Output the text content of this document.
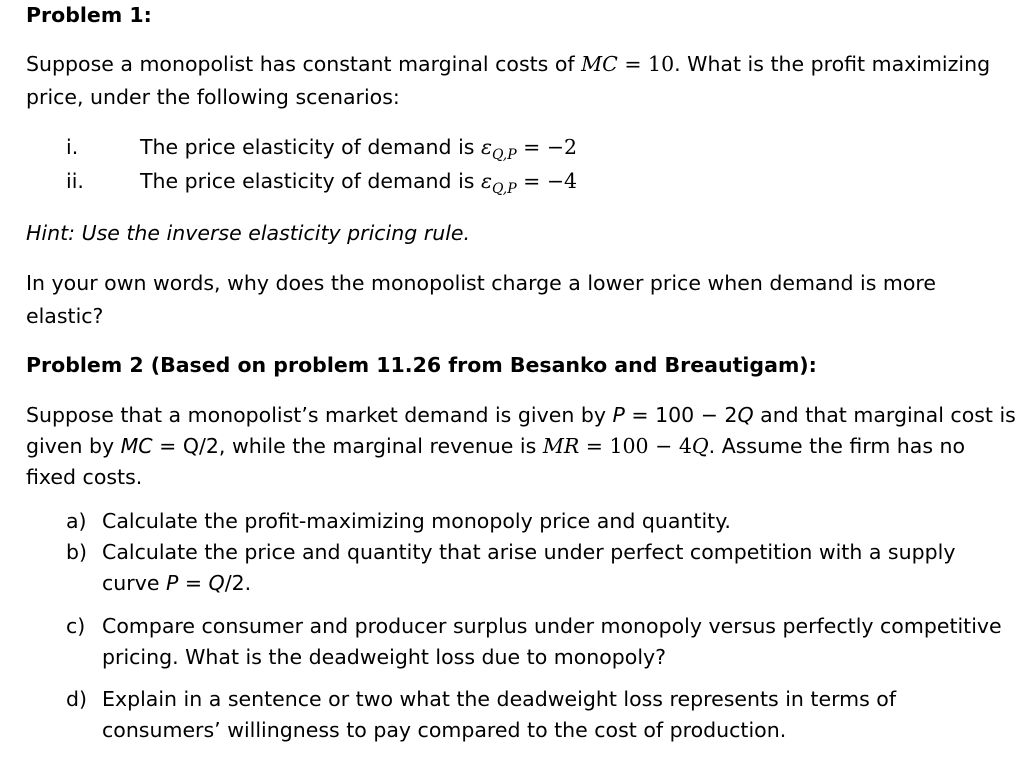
Problem 1:
Suppose a monopolist has constant marginal costs of MC = 10. What is the profit maximizing
price, under the following scenarios:
i.	The price elasticity of demand is $\varepsilon_{Q,P} = -2$
ii.	The price elasticity of demand is $\varepsilon_{Q,P} = -4$
Hint: Use the inverse elasticity pricing rule.
In your own words, why does the monopolist charge a lower price when demand is more
elastic?
Problem 2 (Based on problem 11.26 from Besanko and Breautigam):
Suppose that a monopolist’s market demand is given by P = 100 − 2Q and that marginal cost is
given by MC = Q/2, while the marginal revenue is MR = 100 − 4Q. Assume the firm has no
fixed costs.
a) Calculate the profit-maximizing monopoly price and quantity.
b) Calculate the price and quantity that arise under perfect competition with a supply
curve P = Q/2.
c) Compare consumer and producer surplus under monopoly versus perfectly competitive
pricing. What is the deadweight loss due to monopoly?
d) Explain in a sentence or two what the deadweight loss represents in terms of
consumers’ willingness to pay compared to the cost of production.
